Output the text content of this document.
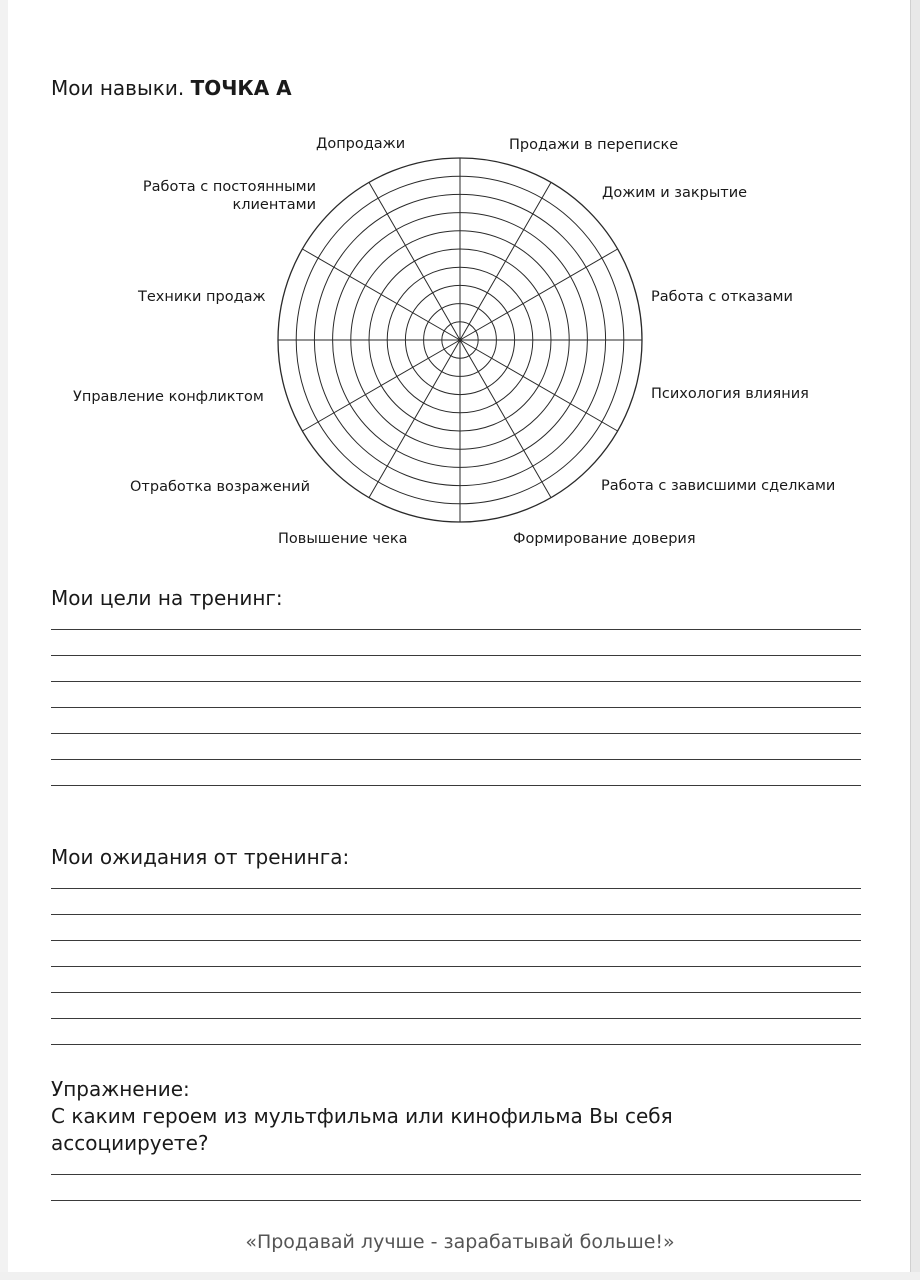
Мои навыки. ТОЧКА А
Допродажи	Продажи в переписке
Дожим и закрытие
Работа с отказами
Психология влияния
Работа с зависшими сделками
Формирование доверия
Повышение чека
Отработка возражений
Управление конфликтом
Техники продаж
Работа с постоянными
клиентами
Мои цели на тренинг:
Мои ожидания от тренинга:
Упражнение:
С каким героем из мультфильма или кинофильма Вы себя
ассоциируете?
«Продавай лучше - зарабатывай больше!»
